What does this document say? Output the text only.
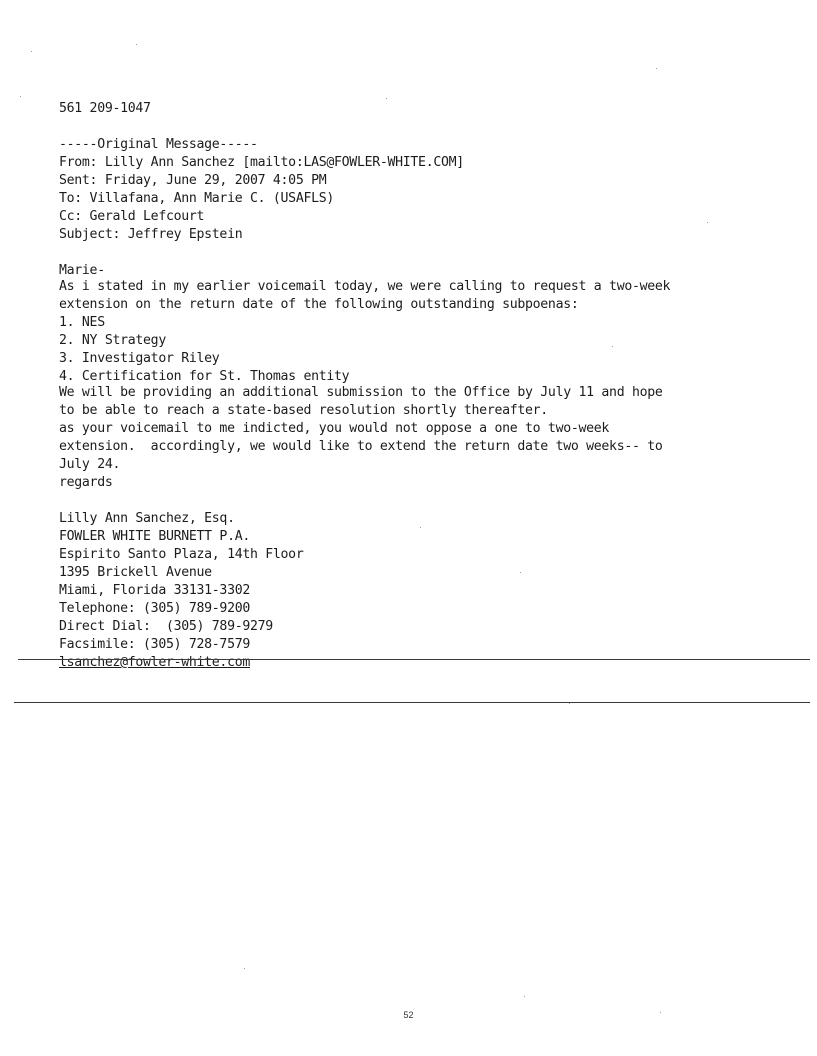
561 209-1047
-----Original Message-----
From: Lilly Ann Sanchez [mailto:LAS@FOWLER-WHITE.COM]
Sent: Friday, June 29, 2007 4:05 PM
To: Villafana, Ann Marie C. (USAFLS)
Cc: Gerald Lefcourt
Subject: Jeffrey Epstein
Marie-
As i stated in my earlier voicemail today, we were calling to request a two-week
extension on the return date of the following outstanding subpoenas:
1. NES
2. NY Strategy
3. Investigator Riley
4. Certification for St. Thomas entity
We will be providing an additional submission to the Office by July 11 and hope
to be able to reach a state-based resolution shortly thereafter.
as your voicemail to me indicted, you would not oppose a one to two-week
extension.  accordingly, we would like to extend the return date two weeks-- to
July 24.
regards
Lilly Ann Sanchez, Esq.
FOWLER WHITE BURNETT P.A.
Espirito Santo Plaza, 14th Floor
1395 Brickell Avenue
Miami, Florida 33131-3302
Telephone: (305) 789-9200
Direct Dial:  (305) 789-9279
Facsimile: (305) 728-7579
lsanchez@fowler-white.com
52
